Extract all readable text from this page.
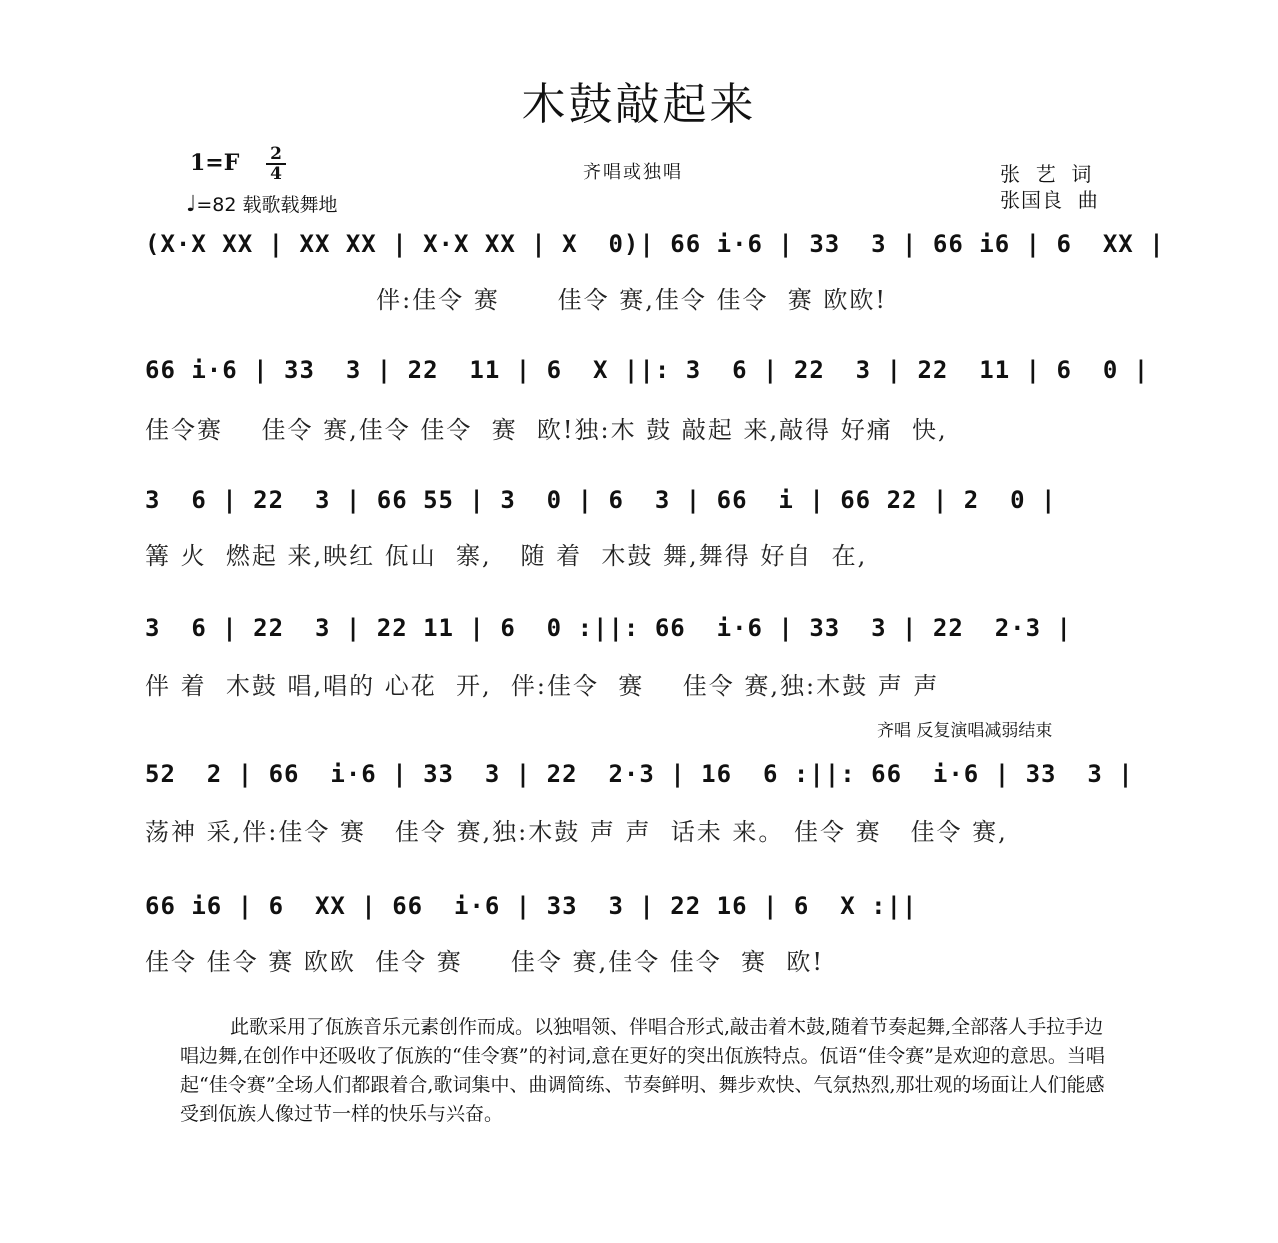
木鼓敲起来
1=F 2
4
♩=82 载歌载舞地
齐唱或独唱	张  艺  词
张国良  曲
(X·X XX | XX XX | X·X XX | X  0)| 66 i·6 | 33  3 | 66 i6 | 6  XX |
伴:佳令 赛      佳令 赛,佳令 佳令  赛 欧欧!
66 i·6 | 33  3 | 22  11 | 6  X ||: 3  6 | 22  3 | 22  11 | 6  0 |
佳令赛    佳令 赛,佳令 佳令  赛  欧!独:木 鼓 敲起 来,敲得 好痛  快,
3  6 | 22  3 | 66 55 | 3  0 | 6  3 | 66  i | 66 22 | 2  0 |
篝 火  燃起 来,映红 佤山  寨,   随 着  木鼓 舞,舞得 好自  在,
3  6 | 22  3 | 22 11 | 6  0 :||: 66  i·6 | 33  3 | 22  2·3 |
伴 着  木鼓 唱,唱的 心花  开,  伴:佳令  赛    佳令 赛,独:木鼓 声 声
齐唱 反复演唱减弱结束
52  2 | 66  i·6 | 33  3 | 22  2·3 | 16  6 :||: 66  i·6 | 33  3 |
荡神 采,伴:佳令 赛   佳令 赛,独:木鼓 声 声  话未 来。 佳令 赛   佳令 赛,
66 i6 | 6  XX | 66  i·6 | 33  3 | 22 16 | 6  X :||
佳令 佳令 赛 欧欧  佳令 赛     佳令 赛,佳令 佳令  赛  欧!
此歌采用了佤族音乐元素创作而成。以独唱领、伴唱合形式,敲击着木鼓,随着节奏起舞,全部落人手拉手边唱边舞,在创作中还吸收了佤族的“佳令赛”的衬词,意在更好的突出佤族特点。佤语“佳令赛”是欢迎的意思。当唱起“佳令赛”全场人们都跟着合,歌词集中、曲调简练、节奏鲜明、舞步欢快、气氛热烈,那壮观的场面让人们能感受到佤族人像过节一样的快乐与兴奋。
